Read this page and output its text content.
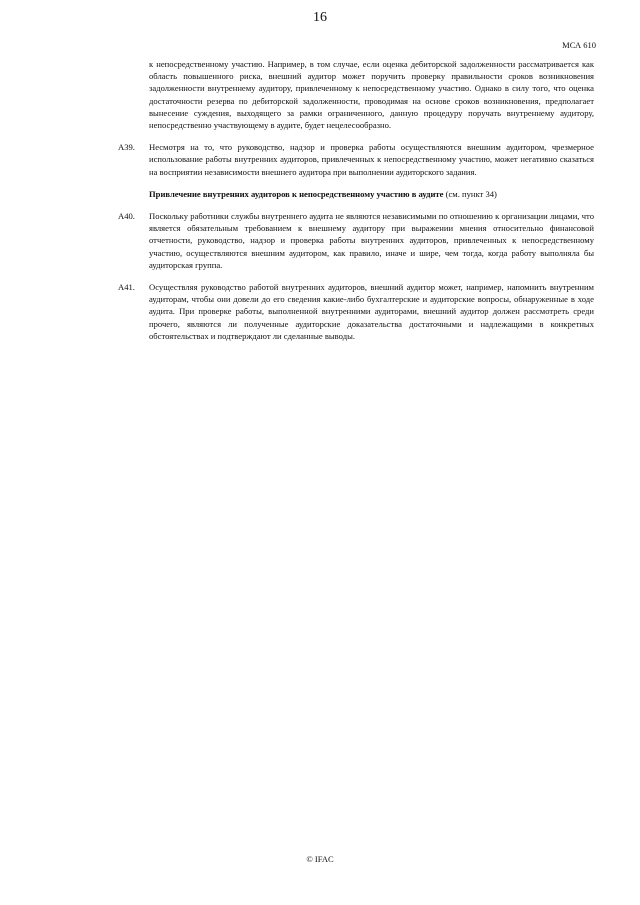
16
МСА 610

к непосредственному участию. Например, в том случае, если оценка дебиторской задолженности рассматривается как область повышенного риска, внешний аудитор может поручить проверку правильности сроков возникновения задолженности внутреннему аудитору, привлеченному к непосредственному участию. Однако в силу того, что оценка достаточности резерва по дебиторской задолженности, проводимая на основе сроков возникновения, предполагает вынесение суждения, выходящего за рамки ограниченного, данную процедуру поручать внутреннему аудитору, непосредственно участвующему в аудите, будет нецелесообразно.

A39. Несмотря на то, что руководство, надзор и проверка работы осуществляются внешним аудитором, чрезмерное использование работы внутренних аудиторов, привлеченных к непосредственному участию, может негативно сказаться на восприятии независимости внешнего аудитора при выполнении аудиторского задания.

Привлечение внутренних аудиторов к непосредственному участию в аудите (см. пункт 34)

A40. Поскольку работники службы внутреннего аудита не являются независимыми по отношению к организации лицами, что является обязательным требованием к внешнему аудитору при выражении мнения относительно финансовой отчетности, руководство, надзор и проверка работы внутренних аудиторов, привлеченных к непосредственному участию, осуществляются внешним аудитором, как правило, иначе и шире, чем тогда, когда работу выполняла бы аудиторская группа.

A41. Осуществляя руководство работой внутренних аудиторов, внешний аудитор может, например, напомнить внутренним аудиторам, чтобы они довели до его сведения какие-либо бухгалтерские и аудиторские вопросы, обнаруженные в ходе аудита. При проверке работы, выполненной внутренними аудиторами, внешний аудитор должен рассмотреть среди прочего, являются ли полученные аудиторские доказательства достаточными и надлежащими в конкретных обстоятельствах и подтверждают ли сделанные выводы.

© IFAC
